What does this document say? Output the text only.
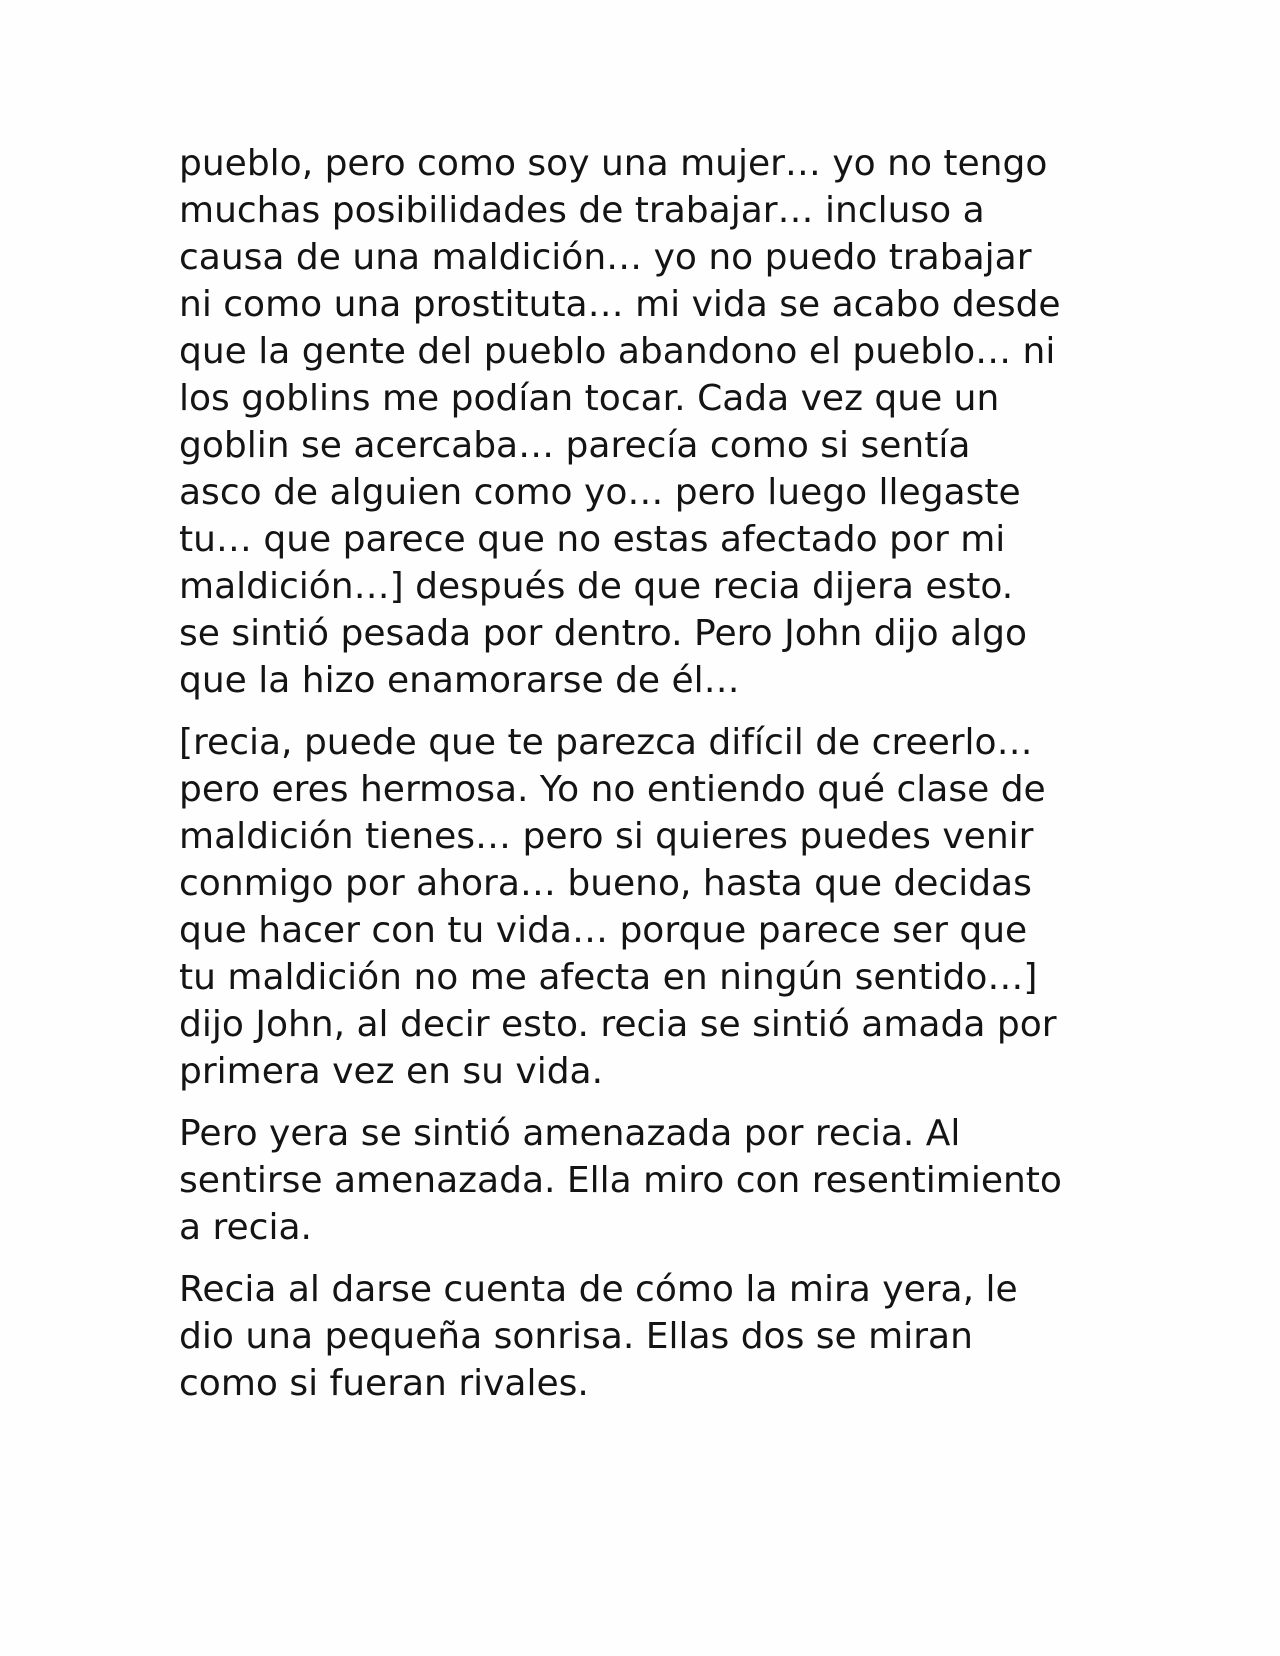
pueblo, pero como soy una mujer… yo no tengo
muchas posibilidades de trabajar… incluso a
causa de una maldición… yo no puedo trabajar
ni como una prostituta… mi vida se acabo desde
que la gente del pueblo abandono el pueblo… ni
los goblins me podían tocar. Cada vez que un
goblin se acercaba… parecía como si sentía
asco de alguien como yo… pero luego llegaste
tu… que parece que no estas afectado por mi
maldición…] después de que recia dijera esto.
se sintió pesada por dentro. Pero John dijo algo
que la hizo enamorarse de él…

[recia, puede que te parezca difícil de creerlo…
pero eres hermosa. Yo no entiendo qué clase de
maldición tienes… pero si quieres puedes venir
conmigo por ahora… bueno, hasta que decidas
que hacer con tu vida… porque parece ser que
tu maldición no me afecta en ningún sentido…]
dijo John, al decir esto. recia se sintió amada por
primera vez en su vida.

Pero yera se sintió amenazada por recia. Al
sentirse amenazada. Ella miro con resentimiento
a recia.

Recia al darse cuenta de cómo la mira yera, le
dio una pequeña sonrisa. Ellas dos se miran
como si fueran rivales.
